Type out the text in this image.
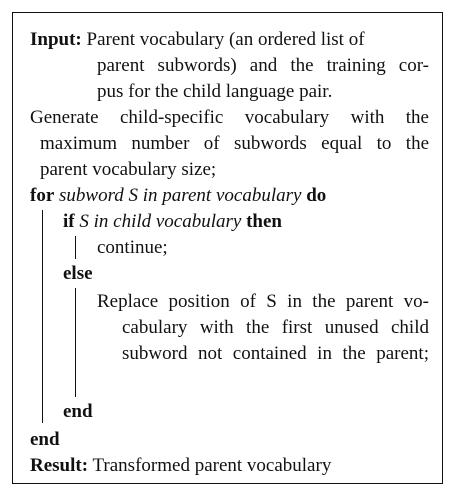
Input: Parent vocabulary (an ordered list of
parent subwords) and the training cor-
pus for the child language pair.
Generate child-specific vocabulary with the
maximum number of subwords equal to the
parent vocabulary size;
for subword S in parent vocabulary do
if S in child vocabulary then
continue;
else
Replace position of S in the parent vo-
cabulary with the first unused child
subword not contained in the parent;
end
end
Result: Transformed parent vocabulary
